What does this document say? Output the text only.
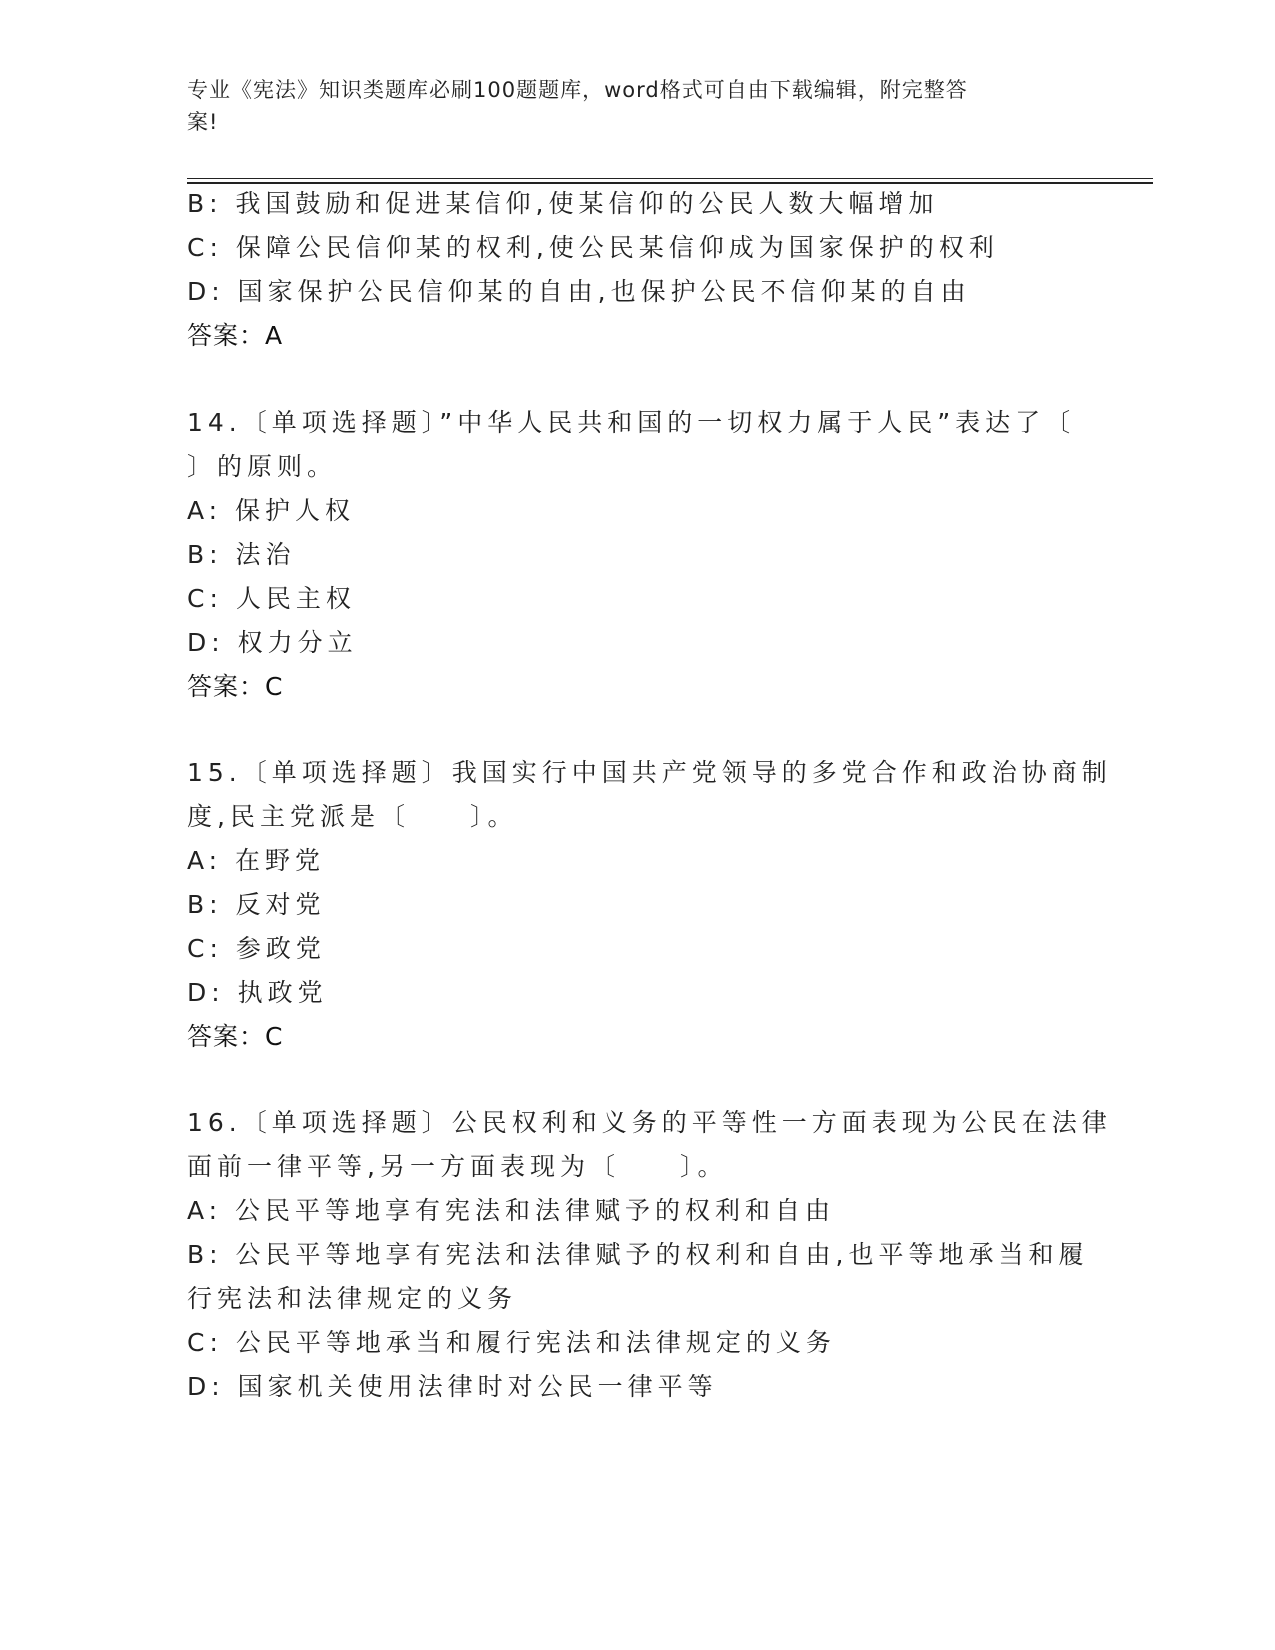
专业《宪法》知识类题库必刷100题题库，word格式可自由下载编辑，附完整答
案!
B: 我国鼓励和促进某信仰,使某信仰的公民人数大幅增加
C: 保障公民信仰某的权利,使公民某信仰成为国家保护的权利
D: 国家保护公民信仰某的自由,也保护公民不信仰某的自由
答案：A
14.〔单项选择题〕”中华人民共和国的一切权力属于人民”表达了〔
〕的原则。
A: 保护人权
B: 法治
C: 人民主权
D: 权力分立
答案：C
15.〔单项选择题〕我国实行中国共产党领导的多党合作和政治协商制
度,民主党派是〔　　〕。
A: 在野党
B: 反对党
C: 参政党
D: 执政党
答案：C
16.〔单项选择题〕公民权利和义务的平等性一方面表现为公民在法律
面前一律平等,另一方面表现为〔　　〕。
A: 公民平等地享有宪法和法律赋予的权利和自由
B: 公民平等地享有宪法和法律赋予的权利和自由,也平等地承当和履
行宪法和法律规定的义务
C: 公民平等地承当和履行宪法和法律规定的义务
D: 国家机关使用法律时对公民一律平等
